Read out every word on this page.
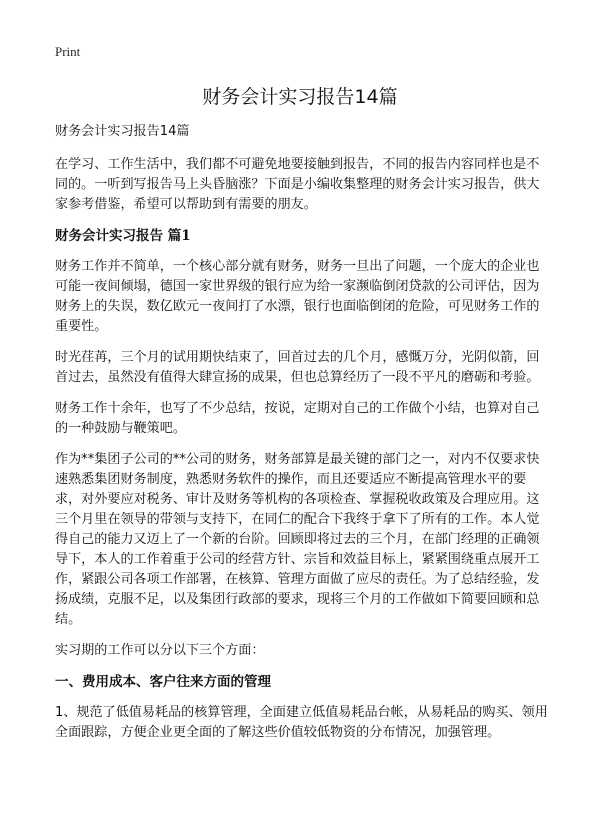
Print
财务会计实习报告14篇

财务会计实习报告14篇

在学习、工作生活中，我们都不可避免地要接触到报告，不同的报告内容同样也是不同的。一听到写报告马上头昏脑涨？下面是小编收集整理的财务会计实习报告，供大家参考借鉴，希望可以帮助到有需要的朋友。

财务会计实习报告 篇1

财务工作并不简单，一个核心部分就有财务，财务一旦出了问题，一个庞大的企业也可能一夜间倾塌，德国一家世界级的银行应为给一家濒临倒闭贷款的公司评估，因为财务上的失误，数亿欧元一夜间打了水漂，银行也面临倒闭的危险，可见财务工作的重要性。

时光荏苒，三个月的试用期快结束了，回首过去的几个月，感慨万分，光阴似箭，回首过去，虽然没有值得大肆宣扬的成果，但也总算经历了一段不平凡的磨砺和考验。

财务工作十余年，也写了不少总结，按说，定期对自己的工作做个小结，也算对自己的一种鼓励与鞭策吧。

作为**集团子公司的**公司的财务，财务部算是最关键的部门之一，对内不仅要求快速熟悉集团财务制度，熟悉财务软件的操作，而且还要适应不断提高管理水平的要求，对外要应对税务、审计及财务等机构的各项检查、掌握税收政策及合理应用。这三个月里在领导的带领与支持下，在同仁的配合下我终于拿下了所有的工作。本人觉得自己的能力又迈上了一个新的台阶。回顾即将过去的三个月，在部门经理的正确领导下，本人的工作着重于公司的经营方针、宗旨和效益目标上，紧紧围绕重点展开工作，紧跟公司各项工作部署，在核算、管理方面做了应尽的责任。为了总结经验，发扬成绩，克服不足，以及集团行政部的要求，现将三个月的工作做如下简要回顾和总结。

实习期的工作可以分以下三个方面：

一、费用成本、客户往来方面的管理

1、规范了低值易耗品的核算管理，全面建立低值易耗品台帐，从易耗品的购买、领用全面跟踪，方便企业更全面的了解这些价值较低物资的分布情况，加强管理。
